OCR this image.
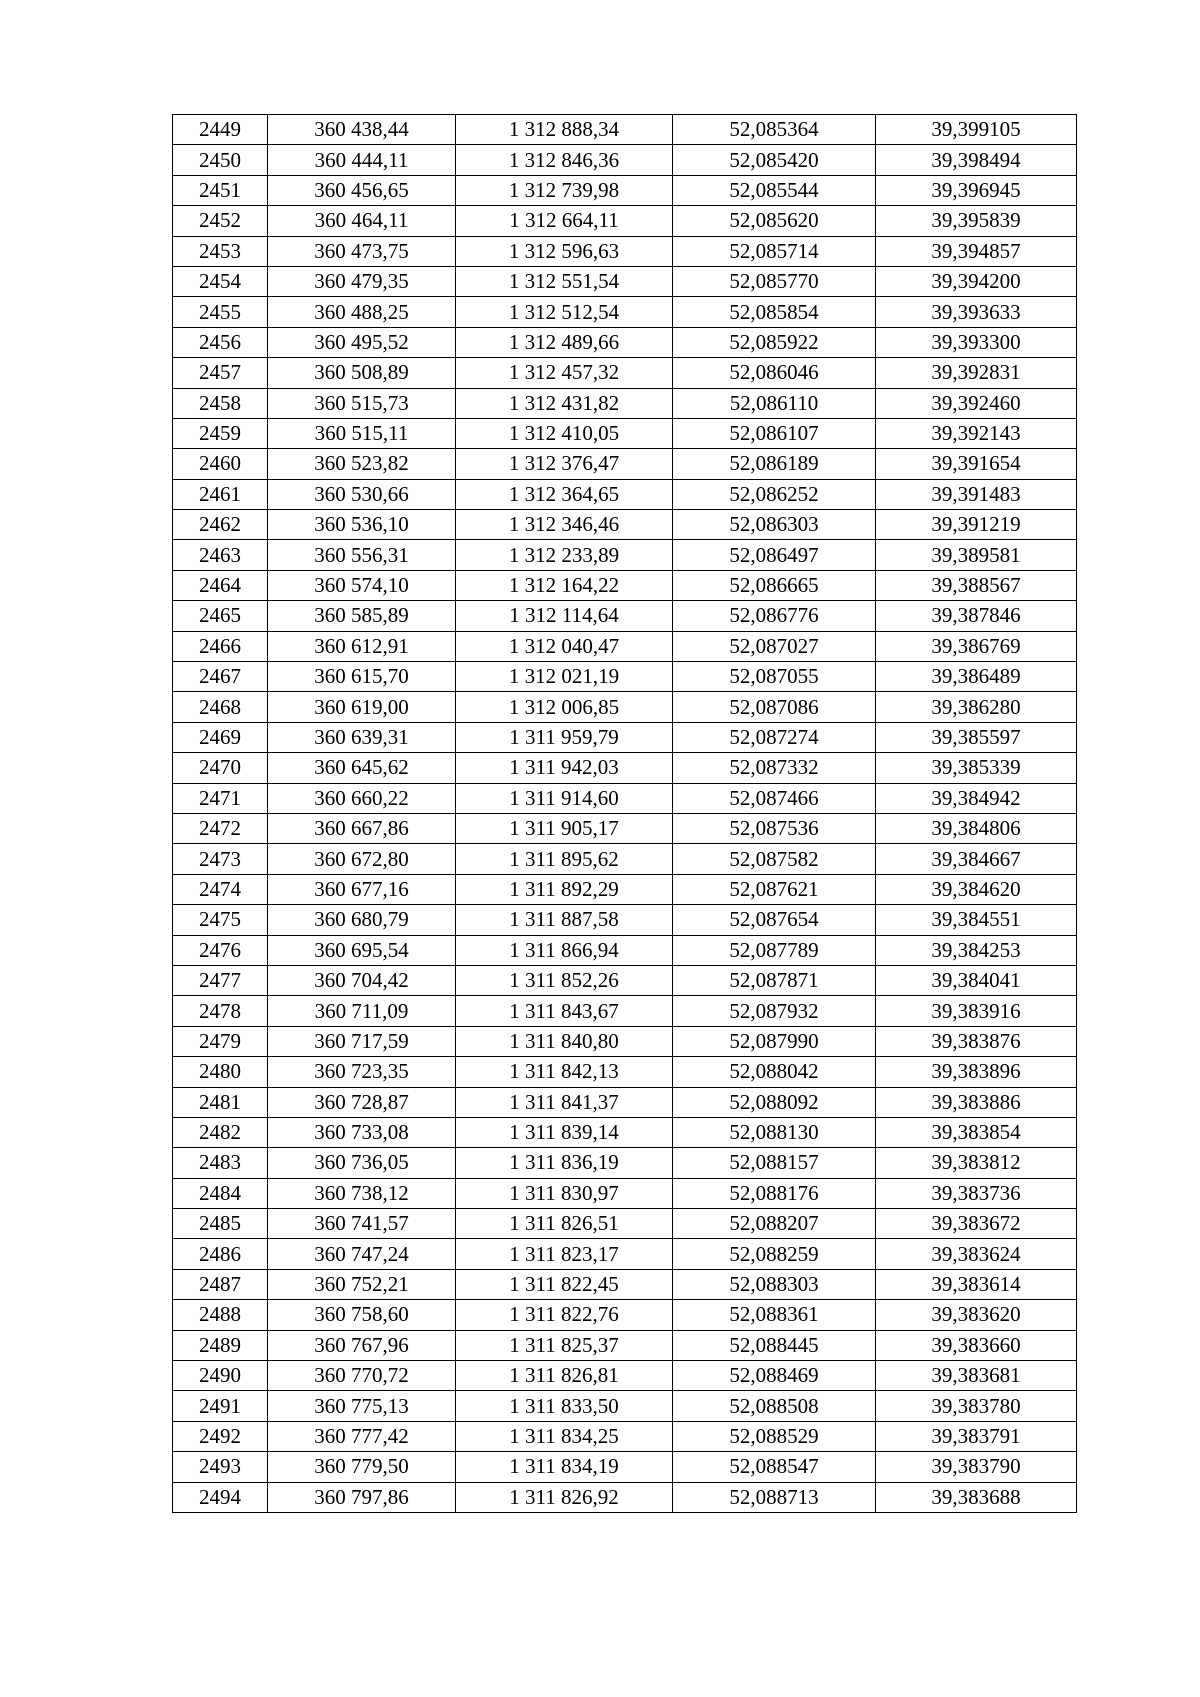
2449	360 438,44	1 312 888,34	52,085364	39,399105
2450	360 444,11	1 312 846,36	52,085420	39,398494
2451	360 456,65	1 312 739,98	52,085544	39,396945
2452	360 464,11	1 312 664,11	52,085620	39,395839
2453	360 473,75	1 312 596,63	52,085714	39,394857
2454	360 479,35	1 312 551,54	52,085770	39,394200
2455	360 488,25	1 312 512,54	52,085854	39,393633
2456	360 495,52	1 312 489,66	52,085922	39,393300
2457	360 508,89	1 312 457,32	52,086046	39,392831
2458	360 515,73	1 312 431,82	52,086110	39,392460
2459	360 515,11	1 312 410,05	52,086107	39,392143
2460	360 523,82	1 312 376,47	52,086189	39,391654
2461	360 530,66	1 312 364,65	52,086252	39,391483
2462	360 536,10	1 312 346,46	52,086303	39,391219
2463	360 556,31	1 312 233,89	52,086497	39,389581
2464	360 574,10	1 312 164,22	52,086665	39,388567
2465	360 585,89	1 312 114,64	52,086776	39,387846
2466	360 612,91	1 312 040,47	52,087027	39,386769
2467	360 615,70	1 312 021,19	52,087055	39,386489
2468	360 619,00	1 312 006,85	52,087086	39,386280
2469	360 639,31	1 311 959,79	52,087274	39,385597
2470	360 645,62	1 311 942,03	52,087332	39,385339
2471	360 660,22	1 311 914,60	52,087466	39,384942
2472	360 667,86	1 311 905,17	52,087536	39,384806
2473	360 672,80	1 311 895,62	52,087582	39,384667
2474	360 677,16	1 311 892,29	52,087621	39,384620
2475	360 680,79	1 311 887,58	52,087654	39,384551
2476	360 695,54	1 311 866,94	52,087789	39,384253
2477	360 704,42	1 311 852,26	52,087871	39,384041
2478	360 711,09	1 311 843,67	52,087932	39,383916
2479	360 717,59	1 311 840,80	52,087990	39,383876
2480	360 723,35	1 311 842,13	52,088042	39,383896
2481	360 728,87	1 311 841,37	52,088092	39,383886
2482	360 733,08	1 311 839,14	52,088130	39,383854
2483	360 736,05	1 311 836,19	52,088157	39,383812
2484	360 738,12	1 311 830,97	52,088176	39,383736
2485	360 741,57	1 311 826,51	52,088207	39,383672
2486	360 747,24	1 311 823,17	52,088259	39,383624
2487	360 752,21	1 311 822,45	52,088303	39,383614
2488	360 758,60	1 311 822,76	52,088361	39,383620
2489	360 767,96	1 311 825,37	52,088445	39,383660
2490	360 770,72	1 311 826,81	52,088469	39,383681
2491	360 775,13	1 311 833,50	52,088508	39,383780
2492	360 777,42	1 311 834,25	52,088529	39,383791
2493	360 779,50	1 311 834,19	52,088547	39,383790
2494	360 797,86	1 311 826,92	52,088713	39,383688
